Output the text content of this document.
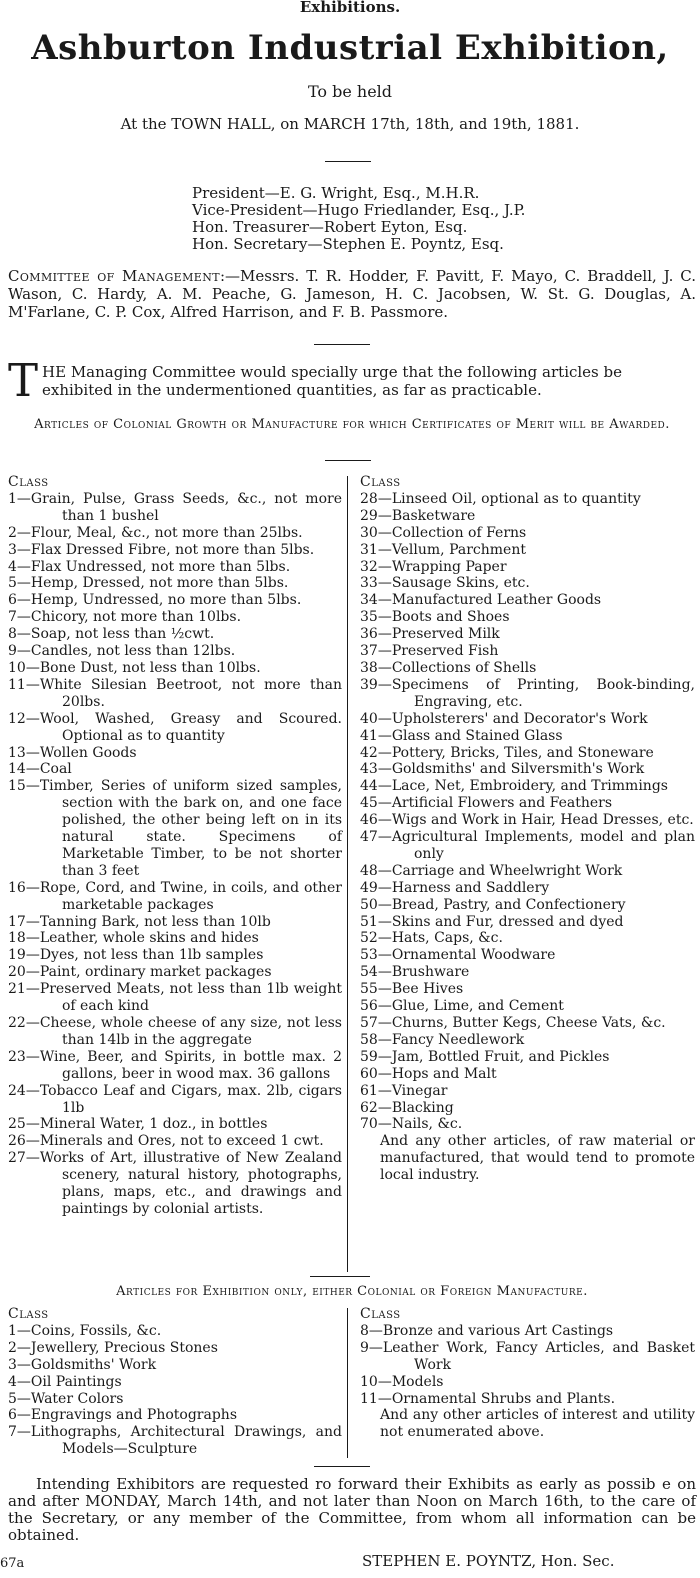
Exhibitions.
Ashburton Industrial Exhibition,
To be held
At the TOWN HALL, on MARCH 17th, 18th, and 19th, 1881.
President—E. G. Wright, Esq., M.H.R.
Vice-President—Hugo Friedlander, Esq., J.P.
Hon. Treasurer—Robert Eyton, Esq.
Hon. Secretary—Stephen E. Poyntz, Esq.
Committee of Management:—Messrs. T. R. Hodder, F. Pavitt, F. Mayo, C. Braddell, J. C. Wason, C. Hardy, A. M. Peache, G. Jameson, H. C. Jacobsen, W. St. G. Douglas, A. M'Farlane, C. P. Cox, Alfred Harrison, and F. B. Passmore.
THE Managing Committee would specially urge that the following articles be exhibited in the undermentioned quantities, as far as practicable.
Articles of Colonial Growth or Manufacture for which Certificates of Merit will be Awarded.
Class
1—Grain, Pulse, Grass Seeds, &c., not more than 1 bushel
2—Flour, Meal, &c., not more than 25lbs.
3—Flax Dressed Fibre, not more than 5lbs.
4—Flax Undressed, not more than 5lbs.
5—Hemp, Dressed, not more than 5lbs.
6—Hemp, Undressed, no more than 5lbs.
7—Chicory, not more than 10lbs.
8—Soap, not less than ½cwt.
9—Candles, not less than 12lbs.
10—Bone Dust, not less than 10lbs.
11—White Silesian Beetroot, not more than 20lbs.
12—Wool, Washed, Greasy and Scoured. Optional as to quantity
13—Wollen Goods
14—Coal
15—Timber, Series of uniform sized samples, section with the bark on, and one face polished, the other being left on in its natural state. Specimens of Marketable Timber, to be not shorter than 3 feet
16—Rope, Cord, and Twine, in coils, and other marketable packages
17—Tanning Bark, not less than 10lb
18—Leather, whole skins and hides
19—Dyes, not less than 1lb samples
20—Paint, ordinary market packages
21—Preserved Meats, not less than 1lb weight of each kind
22—Cheese, whole cheese of any size, not less than 14lb in the aggregate
23—Wine, Beer, and Spirits, in bottle max. 2 gallons, beer in wood max. 36 gallons
24—Tobacco Leaf and Cigars, max. 2lb, cigars 1lb
25—Mineral Water, 1 doz., in bottles
26—Minerals and Ores, not to exceed 1 cwt.
27—Works of Art, illustrative of New Zealand scenery, natural history, photographs, plans, maps, etc., and drawings and paintings by colonial artists.
Class
28—Linseed Oil, optional as to quantity
29—Basketware
30—Collection of Ferns
31—Vellum, Parchment
32—Wrapping Paper
33—Sausage Skins, etc.
34—Manufactured Leather Goods
35—Boots and Shoes
36—Preserved Milk
37—Preserved Fish
38—Collections of Shells
39—Specimens of Printing, Book-binding, Engraving, etc.
40—Upholsterers' and Decorator's Work
41—Glass and Stained Glass
42—Pottery, Bricks, Tiles, and Stoneware
43—Goldsmiths' and Silversmith's Work
44—Lace, Net, Embroidery, and Trimmings
45—Artificial Flowers and Feathers
46—Wigs and Work in Hair, Head Dresses, etc.
47—Agricultural Implements, model and plan only
48—Carriage and Wheelwright Work
49—Harness and Saddlery
50—Bread, Pastry, and Confectionery
51—Skins and Fur, dressed and dyed
52—Hats, Caps, &c.
53—Ornamental Woodware
54—Brushware
55—Bee Hives
56—Glue, Lime, and Cement
57—Churns, Butter Kegs, Cheese Vats, &c.
58—Fancy Needlework
59—Jam, Bottled Fruit, and Pickles
60—Hops and Malt
61—Vinegar
62—Blacking
70—Nails, &c.
And any other articles, of raw material or manufactured, that would tend to promote local industry.
Articles for Exhibition only, either Colonial or Foreign Manufacture.
Class
1—Coins, Fossils, &c.
2—Jewellery, Precious Stones
3—Goldsmiths' Work
4—Oil Paintings
5—Water Colors
6—Engravings and Photographs
7—Lithographs, Architectural Drawings, and Models—Sculpture
Class
8—Bronze and various Art Castings
9—Leather Work, Fancy Articles, and Basket Work
10—Models
11—Ornamental Shrubs and Plants.
And any other articles of interest and utility not enumerated above.
Intending Exhibitors are requested ro forward their Exhibits as early as possib e on and after MONDAY, March 14th, and not later than Noon on March 16th, to the care of the Secretary, or any member of the Committee, from whom all information can be obtained.
67a	STEPHEN E. POYNTZ, Hon. Sec.
